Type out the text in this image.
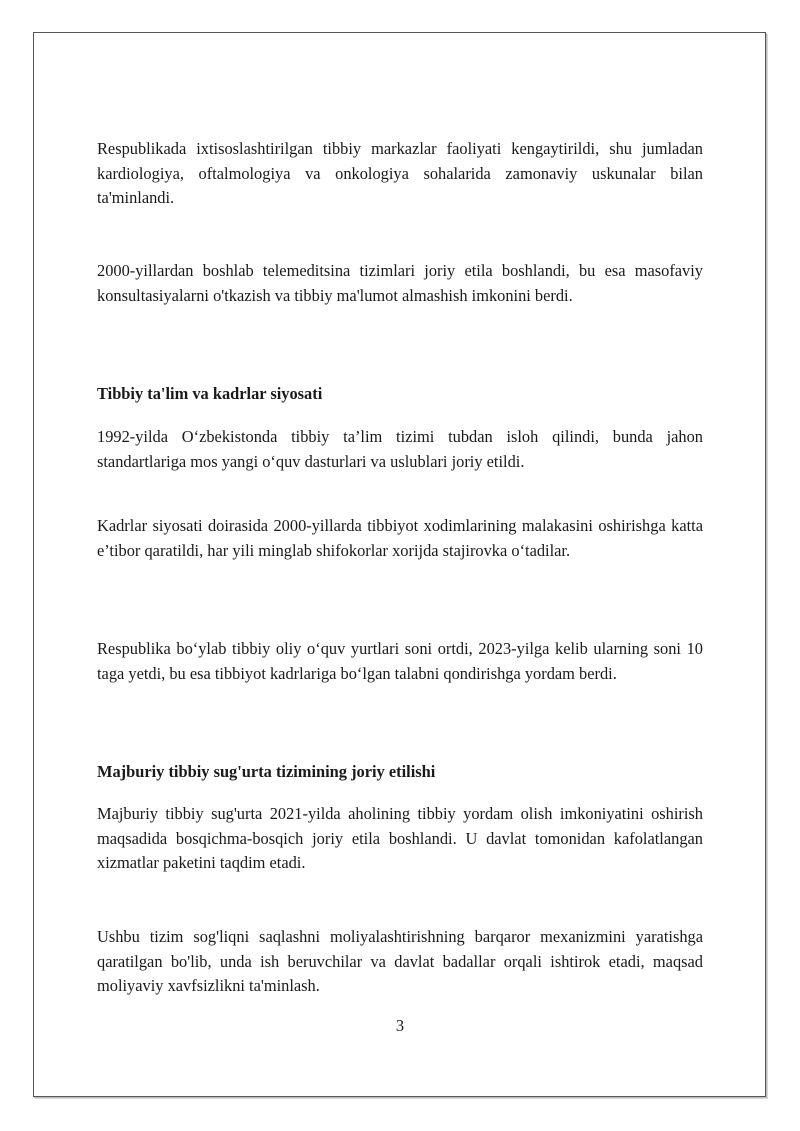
Respublikada ixtisoslashtirilgan tibbiy markazlar faoliyati kengaytirildi, shu jumladan kardiologiya, oftalmologiya va onkologiya sohalarida zamonaviy uskunalar bilan ta'minlandi.

2000-yillardan boshlab telemeditsina tizimlari joriy etila boshlandi, bu esa masofaviy konsultasiyalarni o'tkazish va tibbiy ma'lumot almashish imkonini berdi.

Tibbiy ta'lim va kadrlar siyosati

1992-yilda O‘zbekistonda tibbiy ta’lim tizimi tubdan isloh qilindi, bunda jahon standartlariga mos yangi o‘quv dasturlari va uslublari joriy etildi.

Kadrlar siyosati doirasida 2000-yillarda tibbiyot xodimlarining malakasini oshirishga katta e’tibor qaratildi, har yili minglab shifokorlar xorijda stajirovka o‘tadilar.

Respublika bo‘ylab tibbiy oliy o‘quv yurtlari soni ortdi, 2023-yilga kelib ularning soni 10 taga yetdi, bu esa tibbiyot kadrlariga bo‘lgan talabni qondirishga yordam berdi.

Majburiy tibbiy sug'urta tizimining joriy etilishi

Majburiy tibbiy sug'urta 2021-yilda aholining tibbiy yordam olish imkoniyatini oshirish maqsadida bosqichma-bosqich joriy etila boshlandi. U davlat tomonidan kafolatlangan xizmatlar paketini taqdim etadi.

Ushbu tizim sog'liqni saqlashni moliyalashtirishning barqaror mexanizmini yaratishga qaratilgan bo'lib, unda ish beruvchilar va davlat badallar orqali ishtirok etadi, maqsad moliyaviy xavfsizlikni ta'minlash.

3
